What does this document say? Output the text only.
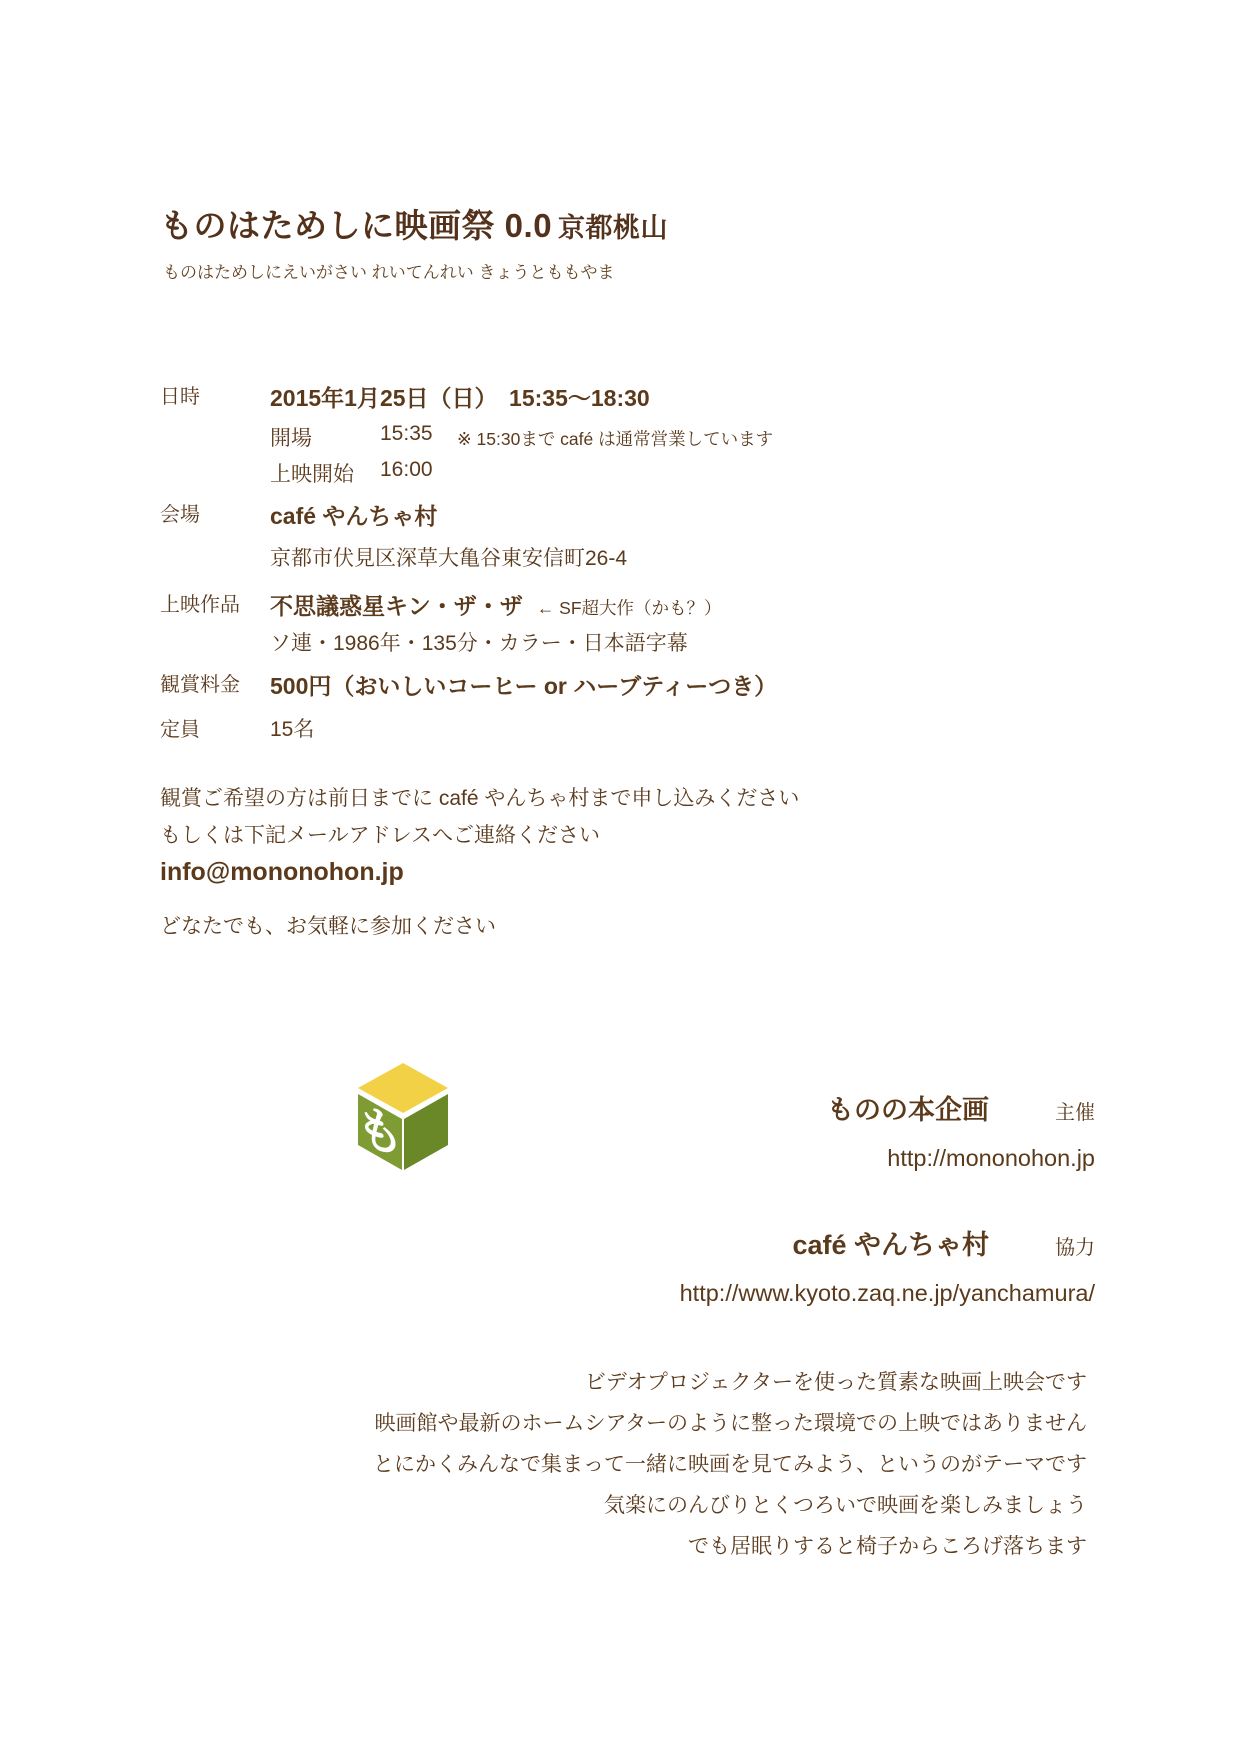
ものはためしに映画祭 0.0 京都桃山
ものはためしにえいがさい れいてんれい きょうとももやま
日時	2015年1月25日（日）　15:35～18:30
開場	15:35 ※ 15:30まで café は通常営業しています
上映開始 16:00
会場	café やんちゃ村
京都市伏見区深草大亀谷東安信町26-4
上映作品 不思議惑星キン・ザ・ザ ← SF超大作（かも？）
ソ連・1986年・135分・カラー・日本語字幕
観賞料金 500円（おいしいコーヒー or ハーブティーつき）
定員	15名
観賞ご希望の方は前日までに café やんちゃ村まで申し込みください
もしくは下記メールアドレスへご連絡ください
info@mononohon.jp
どなたでも、お気軽に参加ください
も	ものの本企画	主催
http://mononohon.jp
café やんちゃ村	協力
http://www.kyoto.zaq.ne.jp/yanchamura/
ビデオプロジェクターを使った質素な映画上映会です
映画館や最新のホームシアターのように整った環境での上映ではありません
とにかくみんなで集まって一緒に映画を見てみよう、というのがテーマです
気楽にのんびりとくつろいで映画を楽しみましょう
でも居眠りすると椅子からころげ落ちます
